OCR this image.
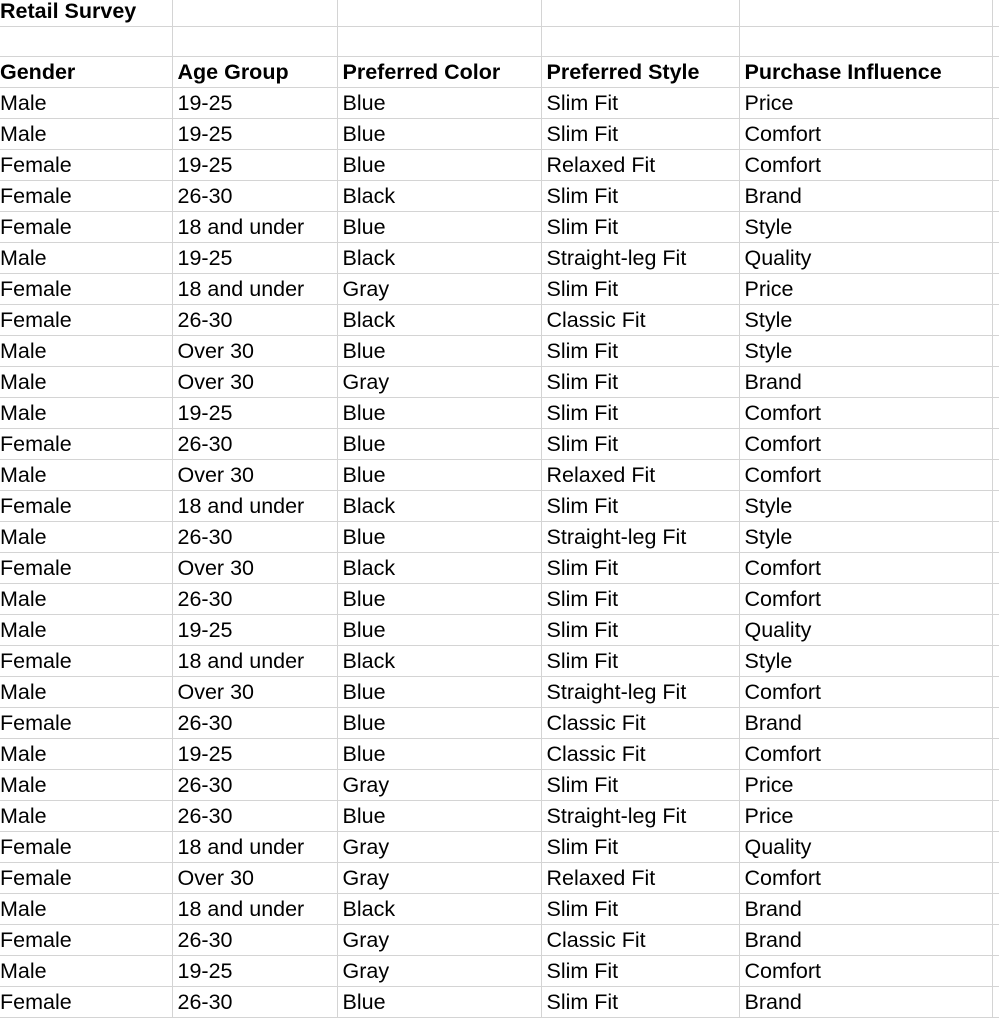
Retail Survey					

Gender	Age Group	Preferred Color	Preferred Style	Purchase Influence	
Male	19-25	Blue	Slim Fit	Price	
Male	19-25	Blue	Slim Fit	Comfort	
Female	19-25	Blue	Relaxed Fit	Comfort	
Female	26-30	Black	Slim Fit	Brand	
Female	18 and under	Blue	Slim Fit	Style	
Male	19-25	Black	Straight-leg Fit	Quality	
Female	18 and under	Gray	Slim Fit	Price	
Female	26-30	Black	Classic Fit	Style	
Male	Over 30	Blue	Slim Fit	Style	
Male	Over 30	Gray	Slim Fit	Brand	
Male	19-25	Blue	Slim Fit	Comfort	
Female	26-30	Blue	Slim Fit	Comfort	
Male	Over 30	Blue	Relaxed Fit	Comfort	
Female	18 and under	Black	Slim Fit	Style	
Male	26-30	Blue	Straight-leg Fit	Style	
Female	Over 30	Black	Slim Fit	Comfort	
Male	26-30	Blue	Slim Fit	Comfort	
Male	19-25	Blue	Slim Fit	Quality	
Female	18 and under	Black	Slim Fit	Style	
Male	Over 30	Blue	Straight-leg Fit	Comfort	
Female	26-30	Blue	Classic Fit	Brand	
Male	19-25	Blue	Classic Fit	Comfort	
Male	26-30	Gray	Slim Fit	Price	
Male	26-30	Blue	Straight-leg Fit	Price	
Female	18 and under	Gray	Slim Fit	Quality	
Female	Over 30	Gray	Relaxed Fit	Comfort	
Male	18 and under	Black	Slim Fit	Brand	
Female	26-30	Gray	Classic Fit	Brand	
Male	19-25	Gray	Slim Fit	Comfort	
Female	26-30	Blue	Slim Fit	Brand	
